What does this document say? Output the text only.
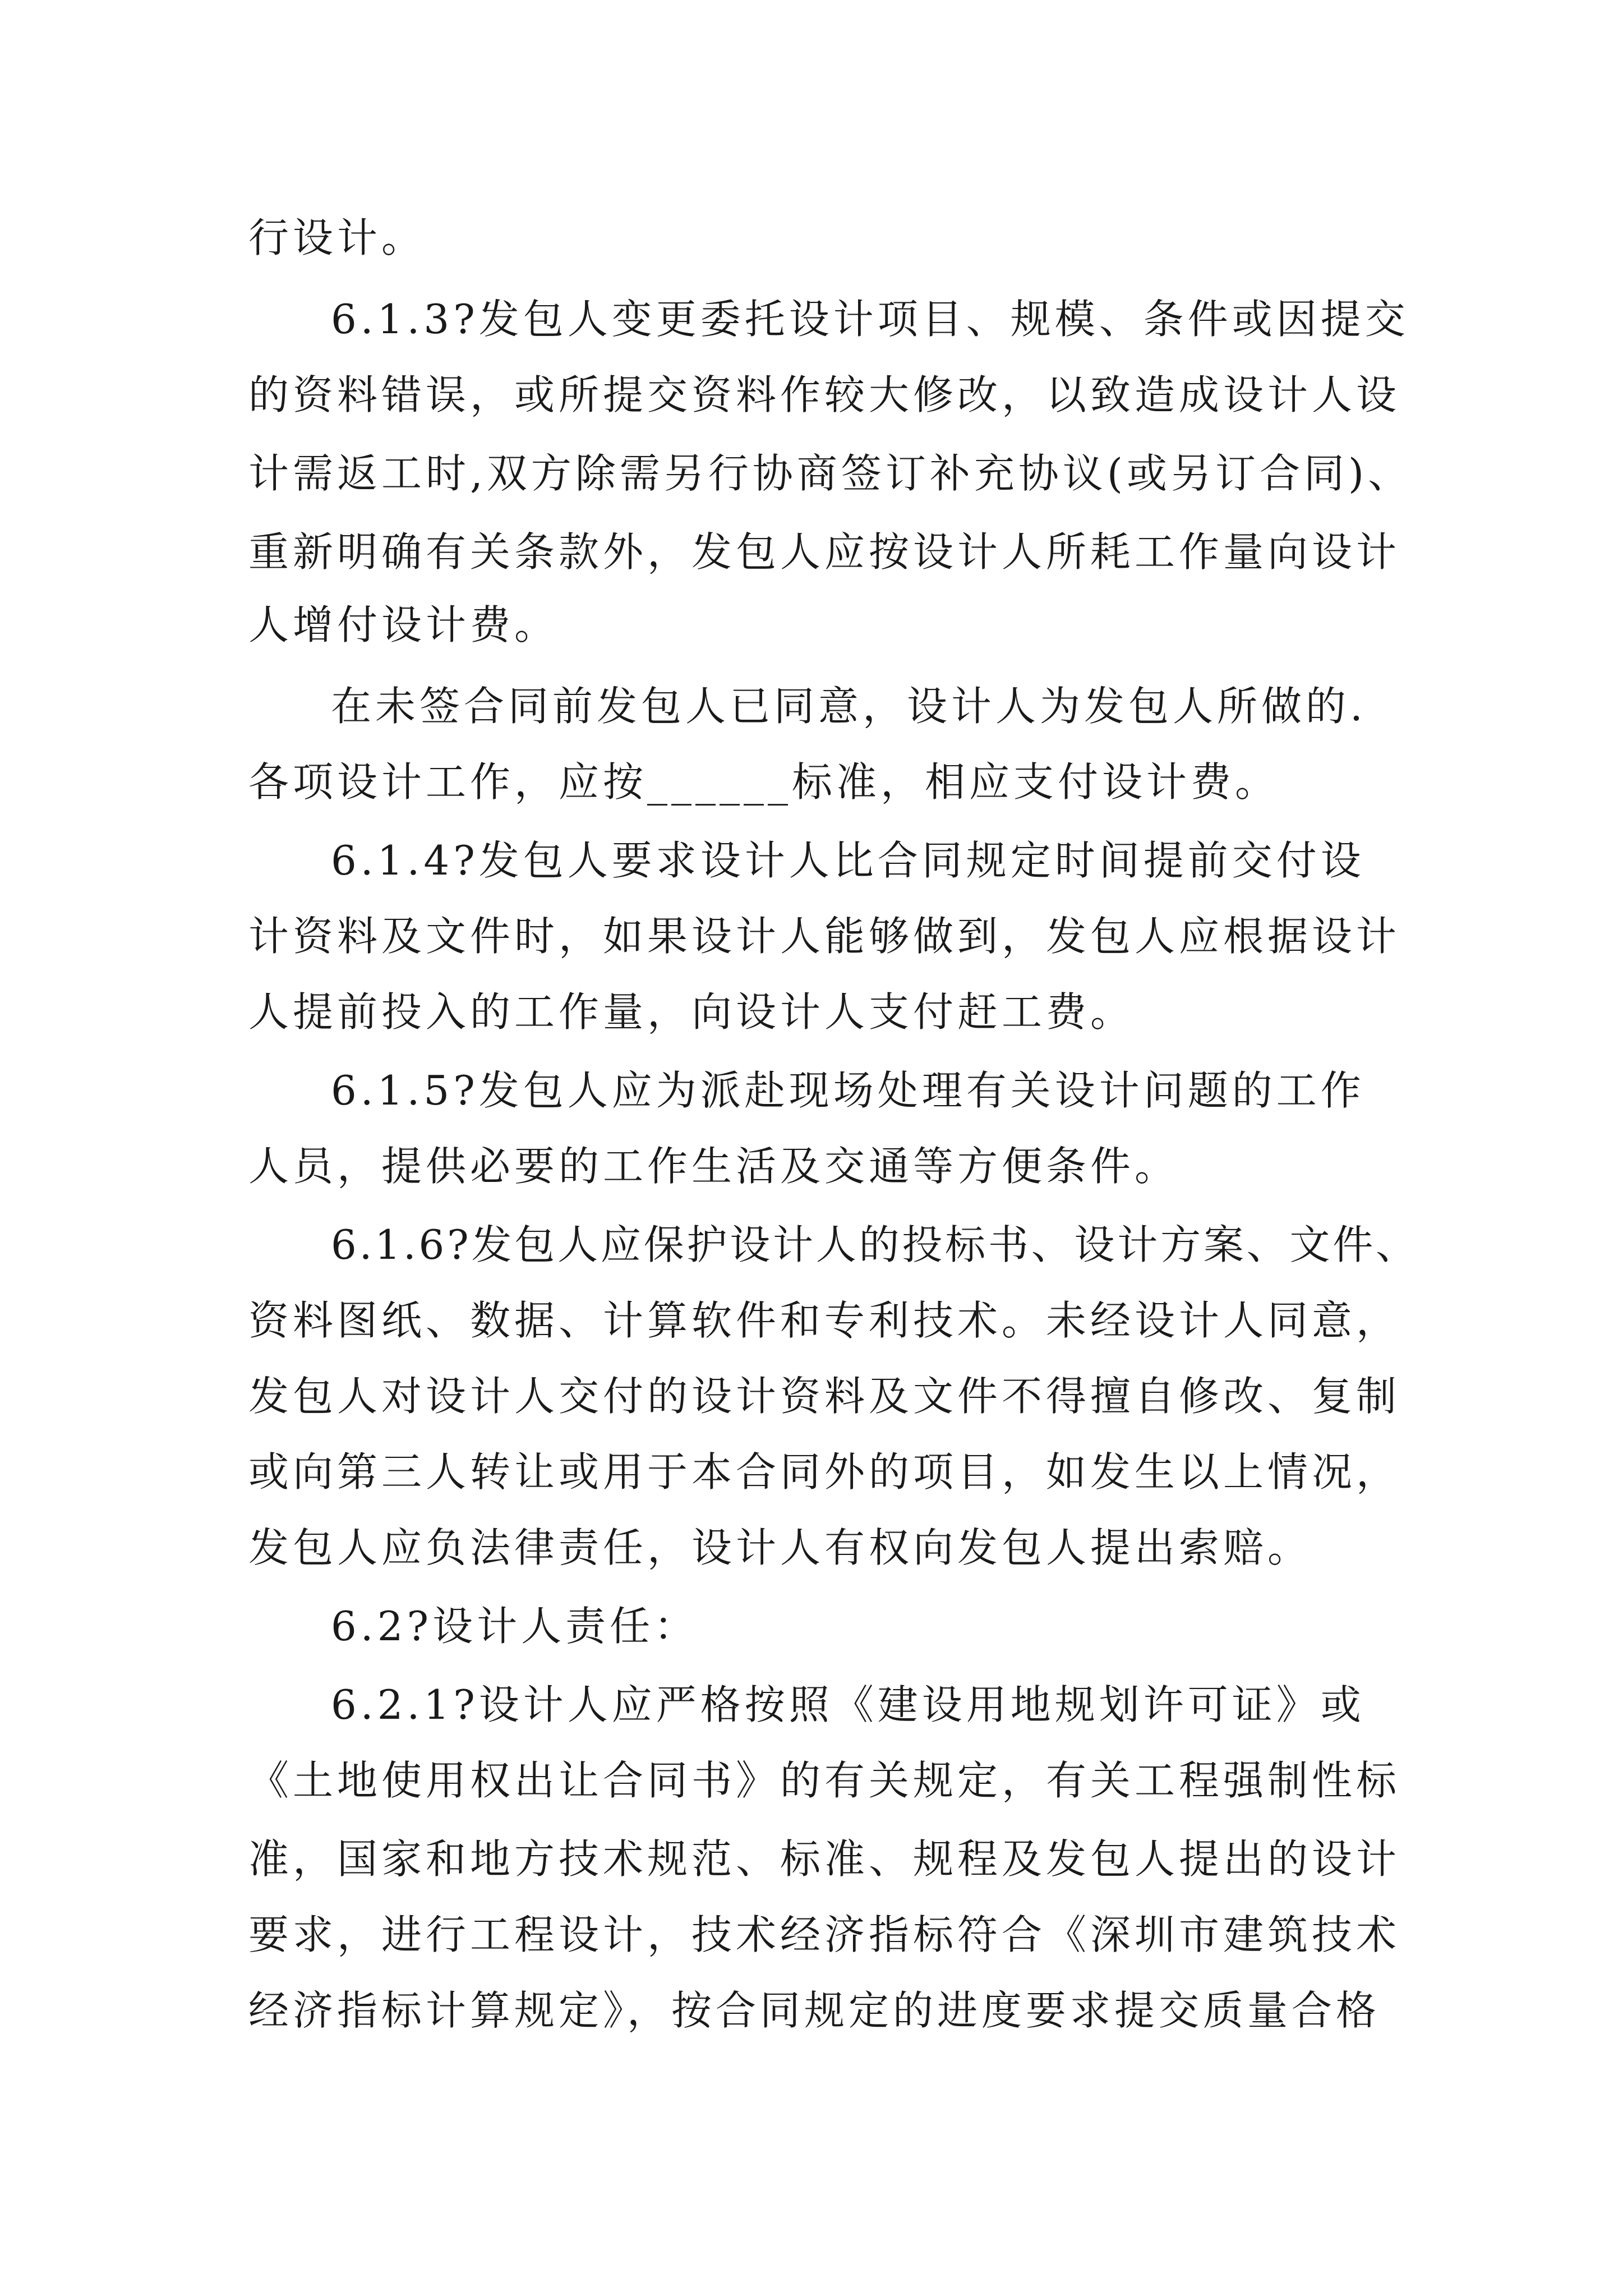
行设计。
6.1.3?发包人变更委托设计项目、规模、条件或因提交
的资料错误，或所提交资料作较大修改，以致造成设计人设
计需返工时,双方除需另行协商签订补充协议(或另订合同)、
重新明确有关条款外，发包人应按设计人所耗工作量向设计
人增付设计费。
在未签合同前发包人已同意，设计人为发包人所做的.
各项设计工作，应按______标准，相应支付设计费。
6.1.4?发包人要求设计人比合同规定时间提前交付设
计资料及文件时，如果设计人能够做到，发包人应根据设计
人提前投入的工作量，向设计人支付赶工费。
6.1.5?发包人应为派赴现场处理有关设计问题的工作
人员，提供必要的工作生活及交通等方便条件。
6.1.6?发包人应保护设计人的投标书、设计方案、文件、
资料图纸、数据、计算软件和专利技术。未经设计人同意，
发包人对设计人交付的设计资料及文件不得擅自修改、复制
或向第三人转让或用于本合同外的项目，如发生以上情况，
发包人应负法律责任，设计人有权向发包人提出索赔。
6.2?设计人责任：
6.2.1?设计人应严格按照《建设用地规划许可证》或
《土地使用权出让合同书》的有关规定，有关工程强制性标
准，国家和地方技术规范、标准、规程及发包人提出的设计
要求，进行工程设计，技术经济指标符合《深圳市建筑技术
经济指标计算规定》，按合同规定的进度要求提交质量合格
